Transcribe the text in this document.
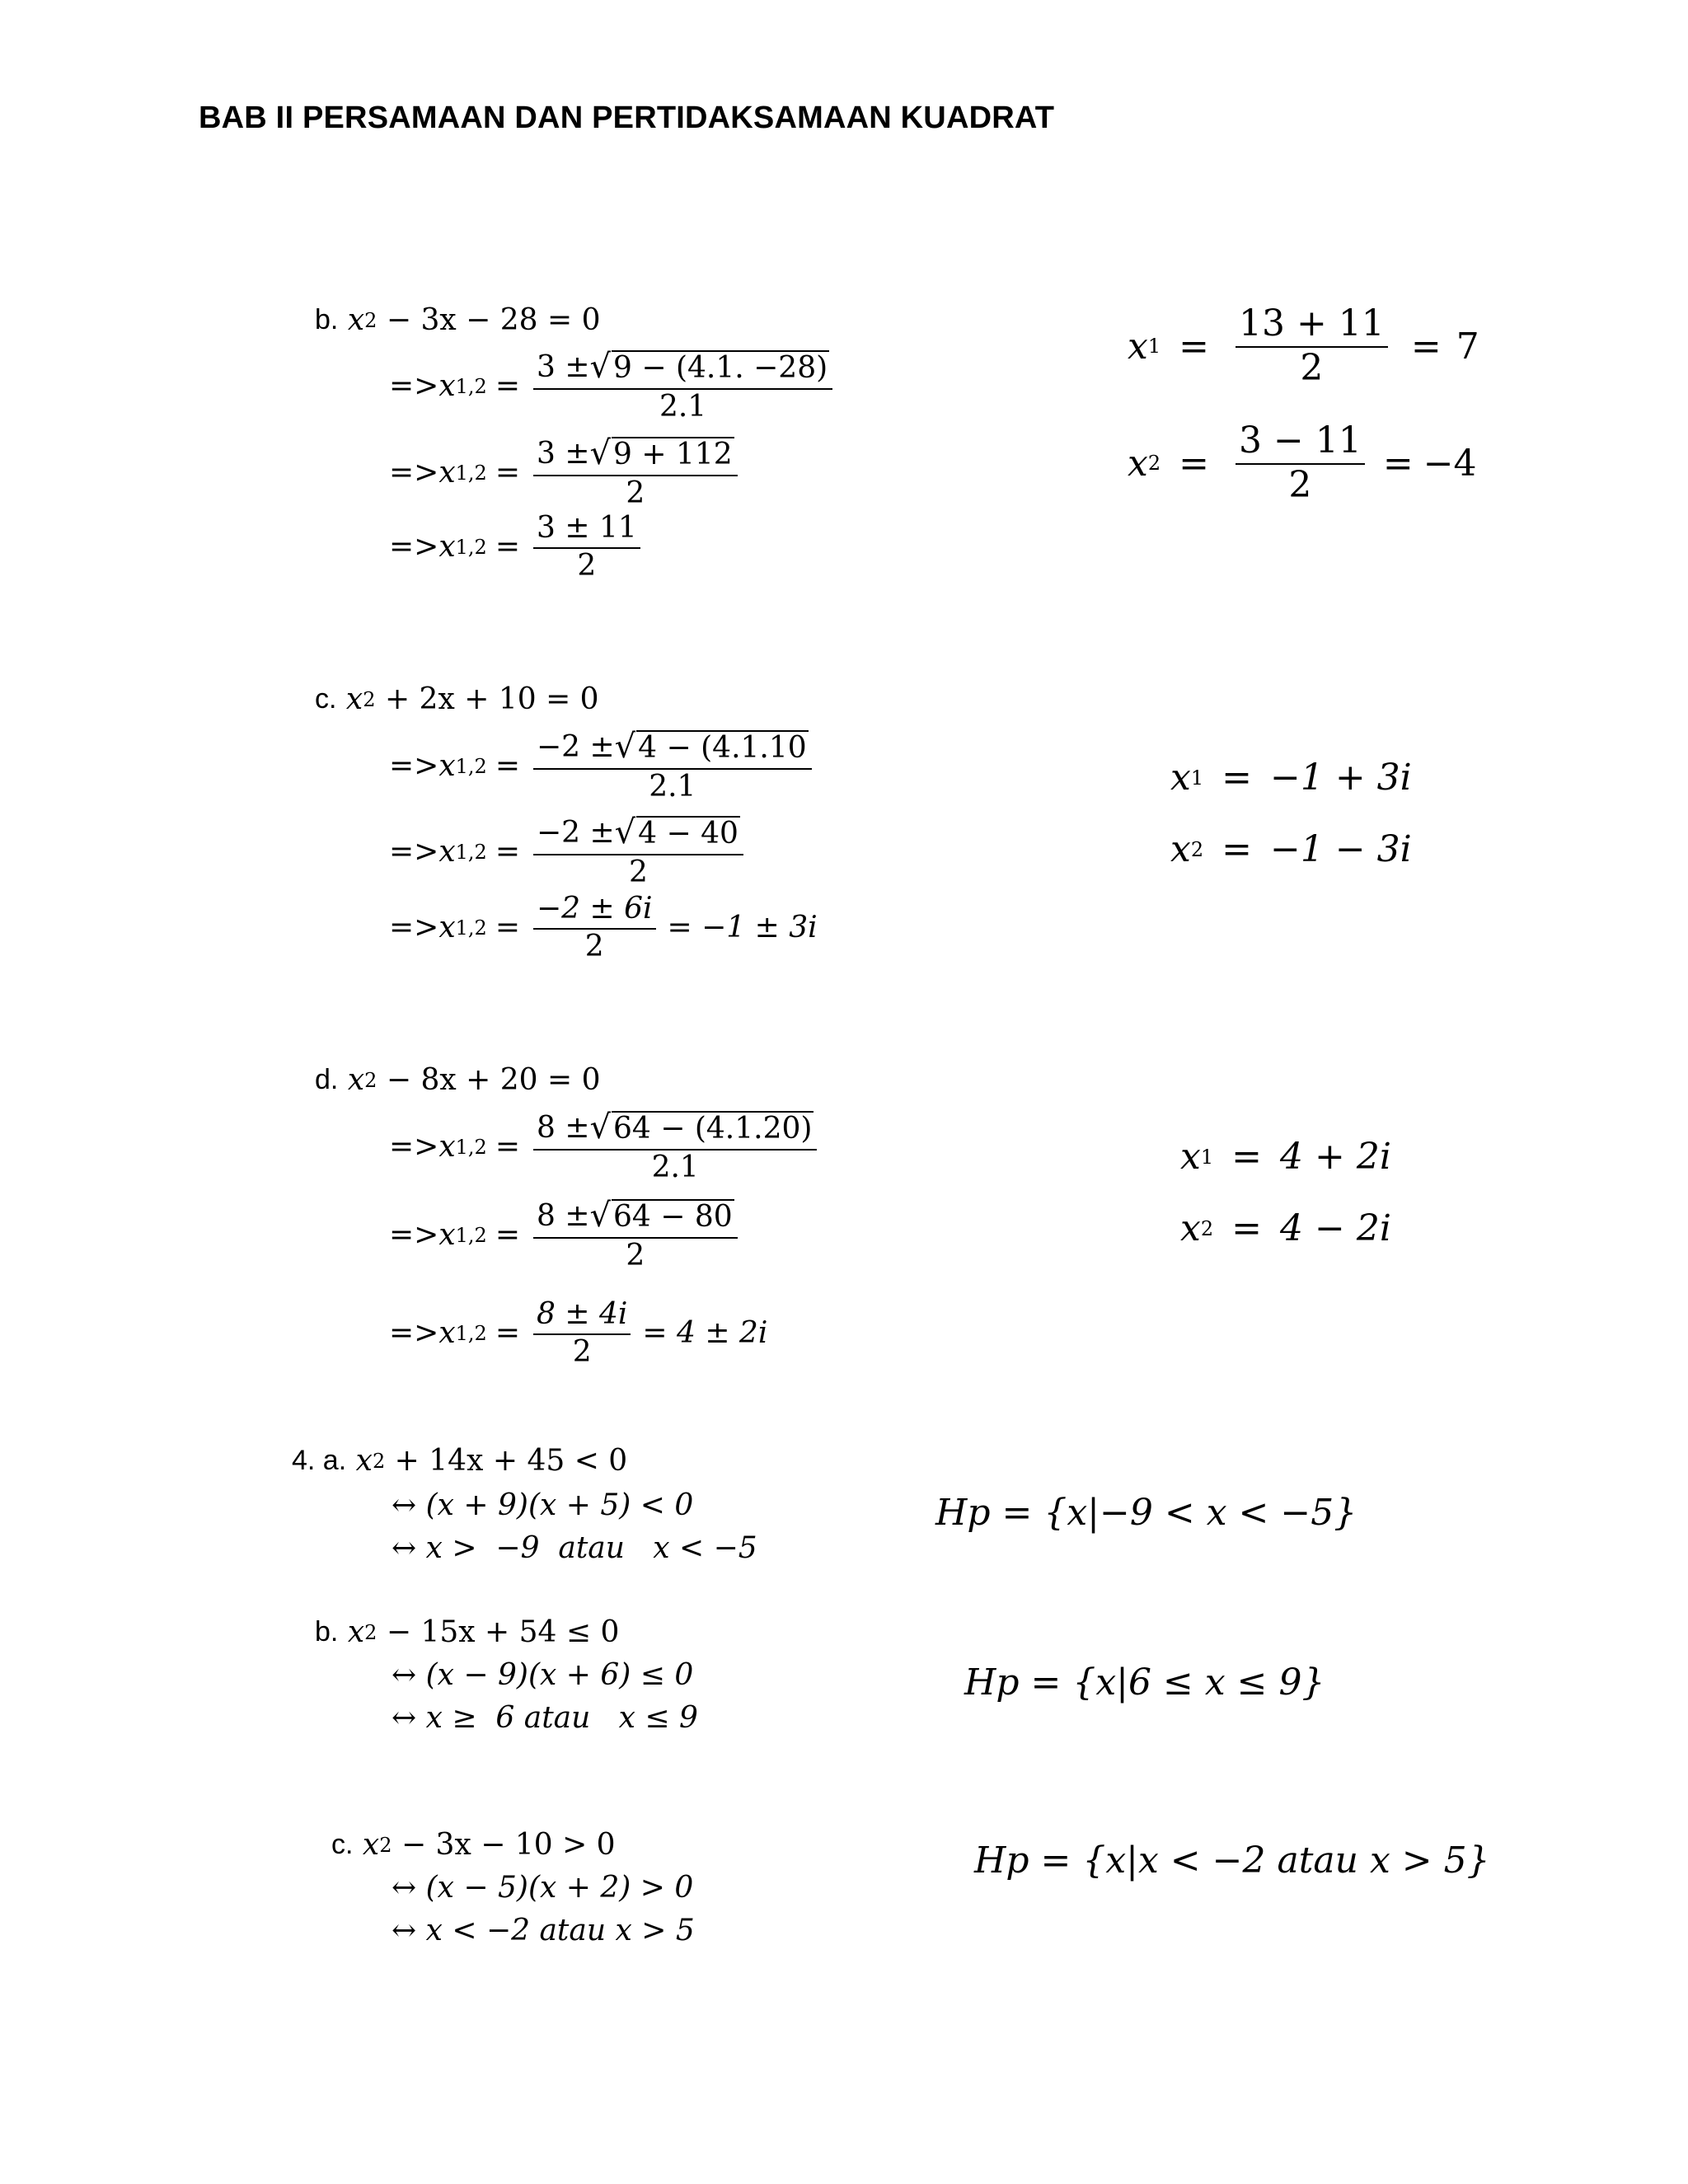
BAB II PERSAMAAN DAN PERTIDAKSAMAAN KUADRAT
b.
x 2
− 3x − 28 = 0
=> x $1,2 = \frac{3 \pm √ 9 - (4.1. -28)}{2.1}$
=> x $1,2 = \frac{3 \pm √ 9 + 112}{2}$
=> x $1,2 = \frac{3 \pm 11}{2}$
x $1 = \frac{13 + 11}{2} = 7$
x $2 = \frac{3 - 11}{2} = -4$
c.
x 2
+ 2x + 10 = 0
=> x $1,2 = \frac{-2 \pm √ 4 - (4.1.10}{2.1}$
=> x $1,2 = \frac{-2 \pm √ 4 - 40}{2}$
=> x $1,2 = \frac{-2 \pm 6i}{2} = -1 \pm 3i$
x 1 = −1 + 3i
x 2 = −1 − 3i
d.
x 2
− 8x + 20 = 0
=> x $1,2 = \frac{8 \pm √ 64 - (4.1.20)}{2.1}$
=> x $1,2 = \frac{8 \pm √ 64 - 80}{2}$
=> x $1,2 = \frac{8 \pm 4i}{2} = 4 \pm 2i$
x 1 = 4 + 2i
x 2 = 4 − 2i
4. a.
x 2
+ 14x + 45 < 0
↔ (x + 9)(x + 5) < 0
↔ x >  −9  atau   x < −5
Hp = {x|−9 < x < −5}
b.
x 2
− 15x + 54 ≤ 0
↔ (x − 9)(x + 6) ≤ 0
↔ x ≥  6 atau   x ≤ 9
Hp = {x|6 ≤ x ≤ 9}
c.
x 2
− 3x − 10 > 0
↔ (x − 5)(x + 2) > 0
↔ x < −2 atau x > 5
Hp = {x|x < −2 atau x > 5}
